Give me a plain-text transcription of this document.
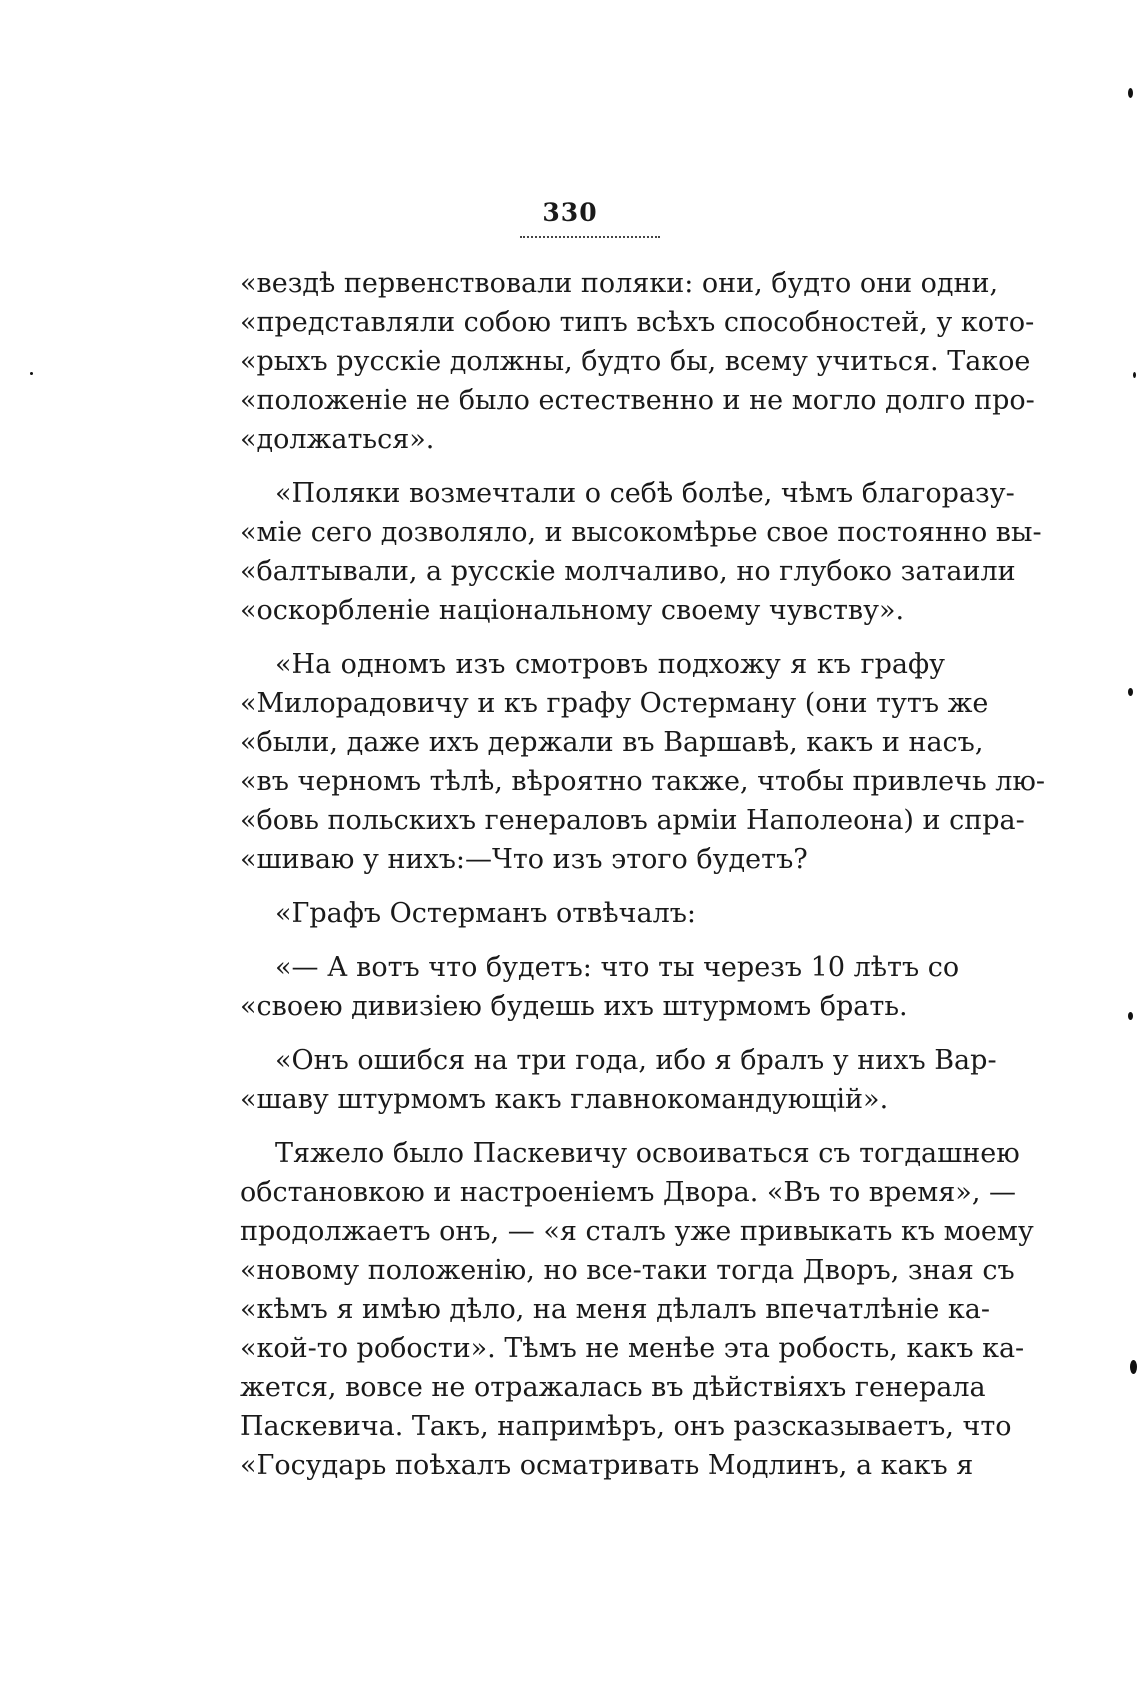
330
«вездѣ первенствовали поляки: они, будто они одни,
«представляли собою типъ всѣхъ способностей, у кото-
«рыхъ русскіе должны, будто бы, всему учиться. Такое
«положеніе не было естественно и не могло долго про-
«должаться».
«Поляки возмечтали о себѣ болѣе, чѣмъ благоразу-
«міе сего дозволяло, и высокомѣрье свое постоянно вы-
«балтывали, а русскіе молчаливо, но глубоко затаили
«оскорбленіе національному своему чувству».
«На одномъ изъ смотровъ подхожу я къ графу
«Милорадовичу и къ графу Остерману (они тутъ же
«были, даже ихъ держали въ Варшавѣ, какъ и насъ,
«въ черномъ тѣлѣ, вѣроятно также, чтобы привлечь лю-
«бовь польскихъ генераловъ арміи Наполеона) и спра-
«шиваю у нихъ:—Что изъ этого будетъ?
«Графъ Остерманъ отвѣчалъ:
«— А вотъ что будетъ: что ты черезъ 10 лѣтъ со
«своею дивизіею будешь ихъ штурмомъ брать.
«Онъ ошибся на три года, ибо я бралъ у нихъ Вар-
«шаву штурмомъ какъ главнокомандующій».
Тяжело было Паскевичу освоиваться съ тогдашнею
обстановкою и настроеніемъ Двора. «Въ то время», —
продолжаетъ онъ, — «я сталъ уже привыкать къ моему
«новому положенію, но все-таки тогда Дворъ, зная съ
«кѣмъ я имѣю дѣло, на меня дѣлалъ впечатлѣніе ка-
«кой-то робости». Тѣмъ не менѣе эта робость, какъ ка-
жется, вовсе не отражалась въ дѣйствіяхъ генерала
Паскевича. Такъ, напримѣръ, онъ разсказываетъ, что
«Государь поѣхалъ осматривать Модлинъ, а какъ я
